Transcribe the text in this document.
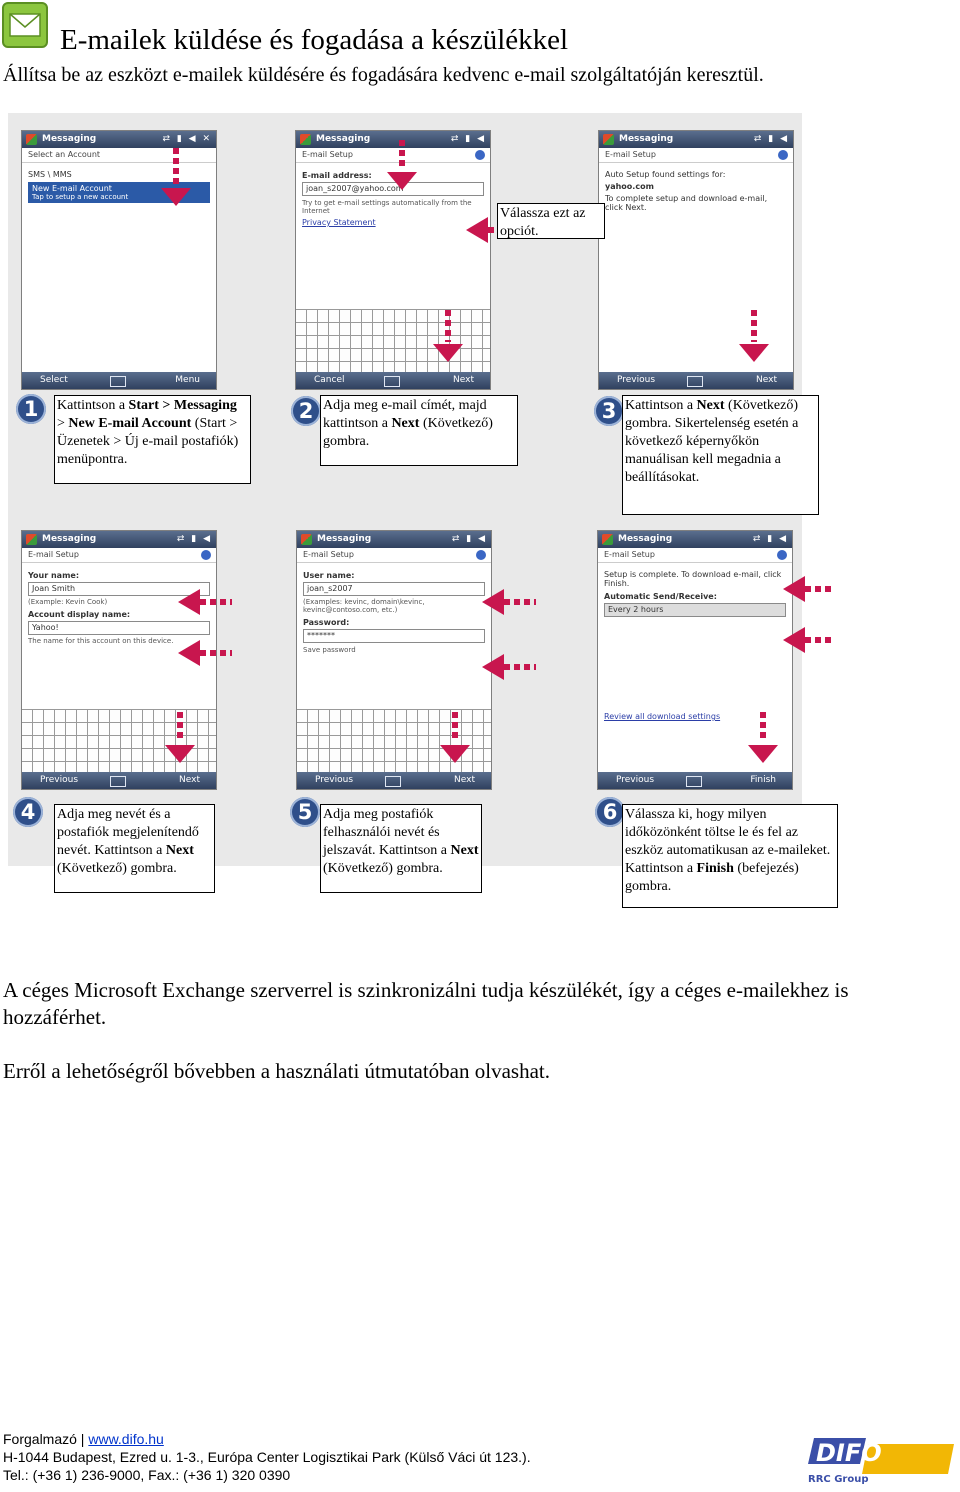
E-mailek küldése és fogadása a készülékkel
Állítsa be az eszközt e-mailek küldésére és fogadására kedvenc e-mail szolgáltatóján keresztül.
Messaging	⇄ ▮ ◀ ✕
Select an Account
SMS \ MMS
New E-mail Account
Tap to setup a new account
Select	Menu
Messaging	⇄ ▮ ◀
E-mail Setup
E-mail address:
joan_s2007@yahoo.com
Try to get e-mail settings automatically from the Internet
Privacy Statement
Cancel	Next
Messaging	⇄ ▮ ◀
E-mail Setup
Auto Setup found settings for:
yahoo.com
To complete setup and download e-mail, click Next.
Previous	Next
Messaging	⇄ ▮ ◀
E-mail Setup
Your name:
Joan Smith
(Example: Kevin Cook)
Account display name:
Yahoo!
The name for this account on this device.
Previous	Next
Messaging	⇄ ▮ ◀
E-mail Setup
User name:
joan_s2007
(Examples: kevinc, domain\kevinc, kevinc@contoso.com, etc.)
Password:
*******
Save password
Previous	Next
Messaging	⇄ ▮ ◀
E-mail Setup
Setup is complete. To download e-mail, click Finish.
Automatic Send/Receive:
Every 2 hours
Review all download settings
Previous	Finish
Válassza ezt az opciót.
1	2	3
4	5	6
Kattintson a Start > Messaging > New E-mail Account (Start > Üzenetek > Új e-mail postafiók) menüpontra.
Adja meg e-mail címét, majd kattintson a Next (Következő) gombra.
Kattintson a Next (Következő) gombra. Sikertelenség esetén a következő képernyőkön manuálisan kell megadnia a beállításokat.
Adja meg nevét és a postafiók megjelenítendő nevét. Kattintson a Next (Következő) gombra.
Adja meg postafiók felhasználói nevét és jelszavát. Kattintson a Next (Következő) gombra.
Válassza ki, hogy milyen időközönként töltse le és fel az eszköz automatikusan az e-maileket. Kattintson a Finish (befejezés) gombra.
A céges Microsoft Exchange szerverrel is szinkronizálni tudja készülékét, így a céges e-mailekhez is hozzáférhet.
Erről a lehetőségről bővebben a használati útmutatóban olvashat.
Forgalmazó | www.difo.hu
H-1044 Budapest, Ezred u. 1-3., Európa Center Logisztikai Park (Külső Váci út 123.).
Tel.: (+36 1) 236-9000, Fax.: (+36 1) 320 0390
DIFO
RRC Group
